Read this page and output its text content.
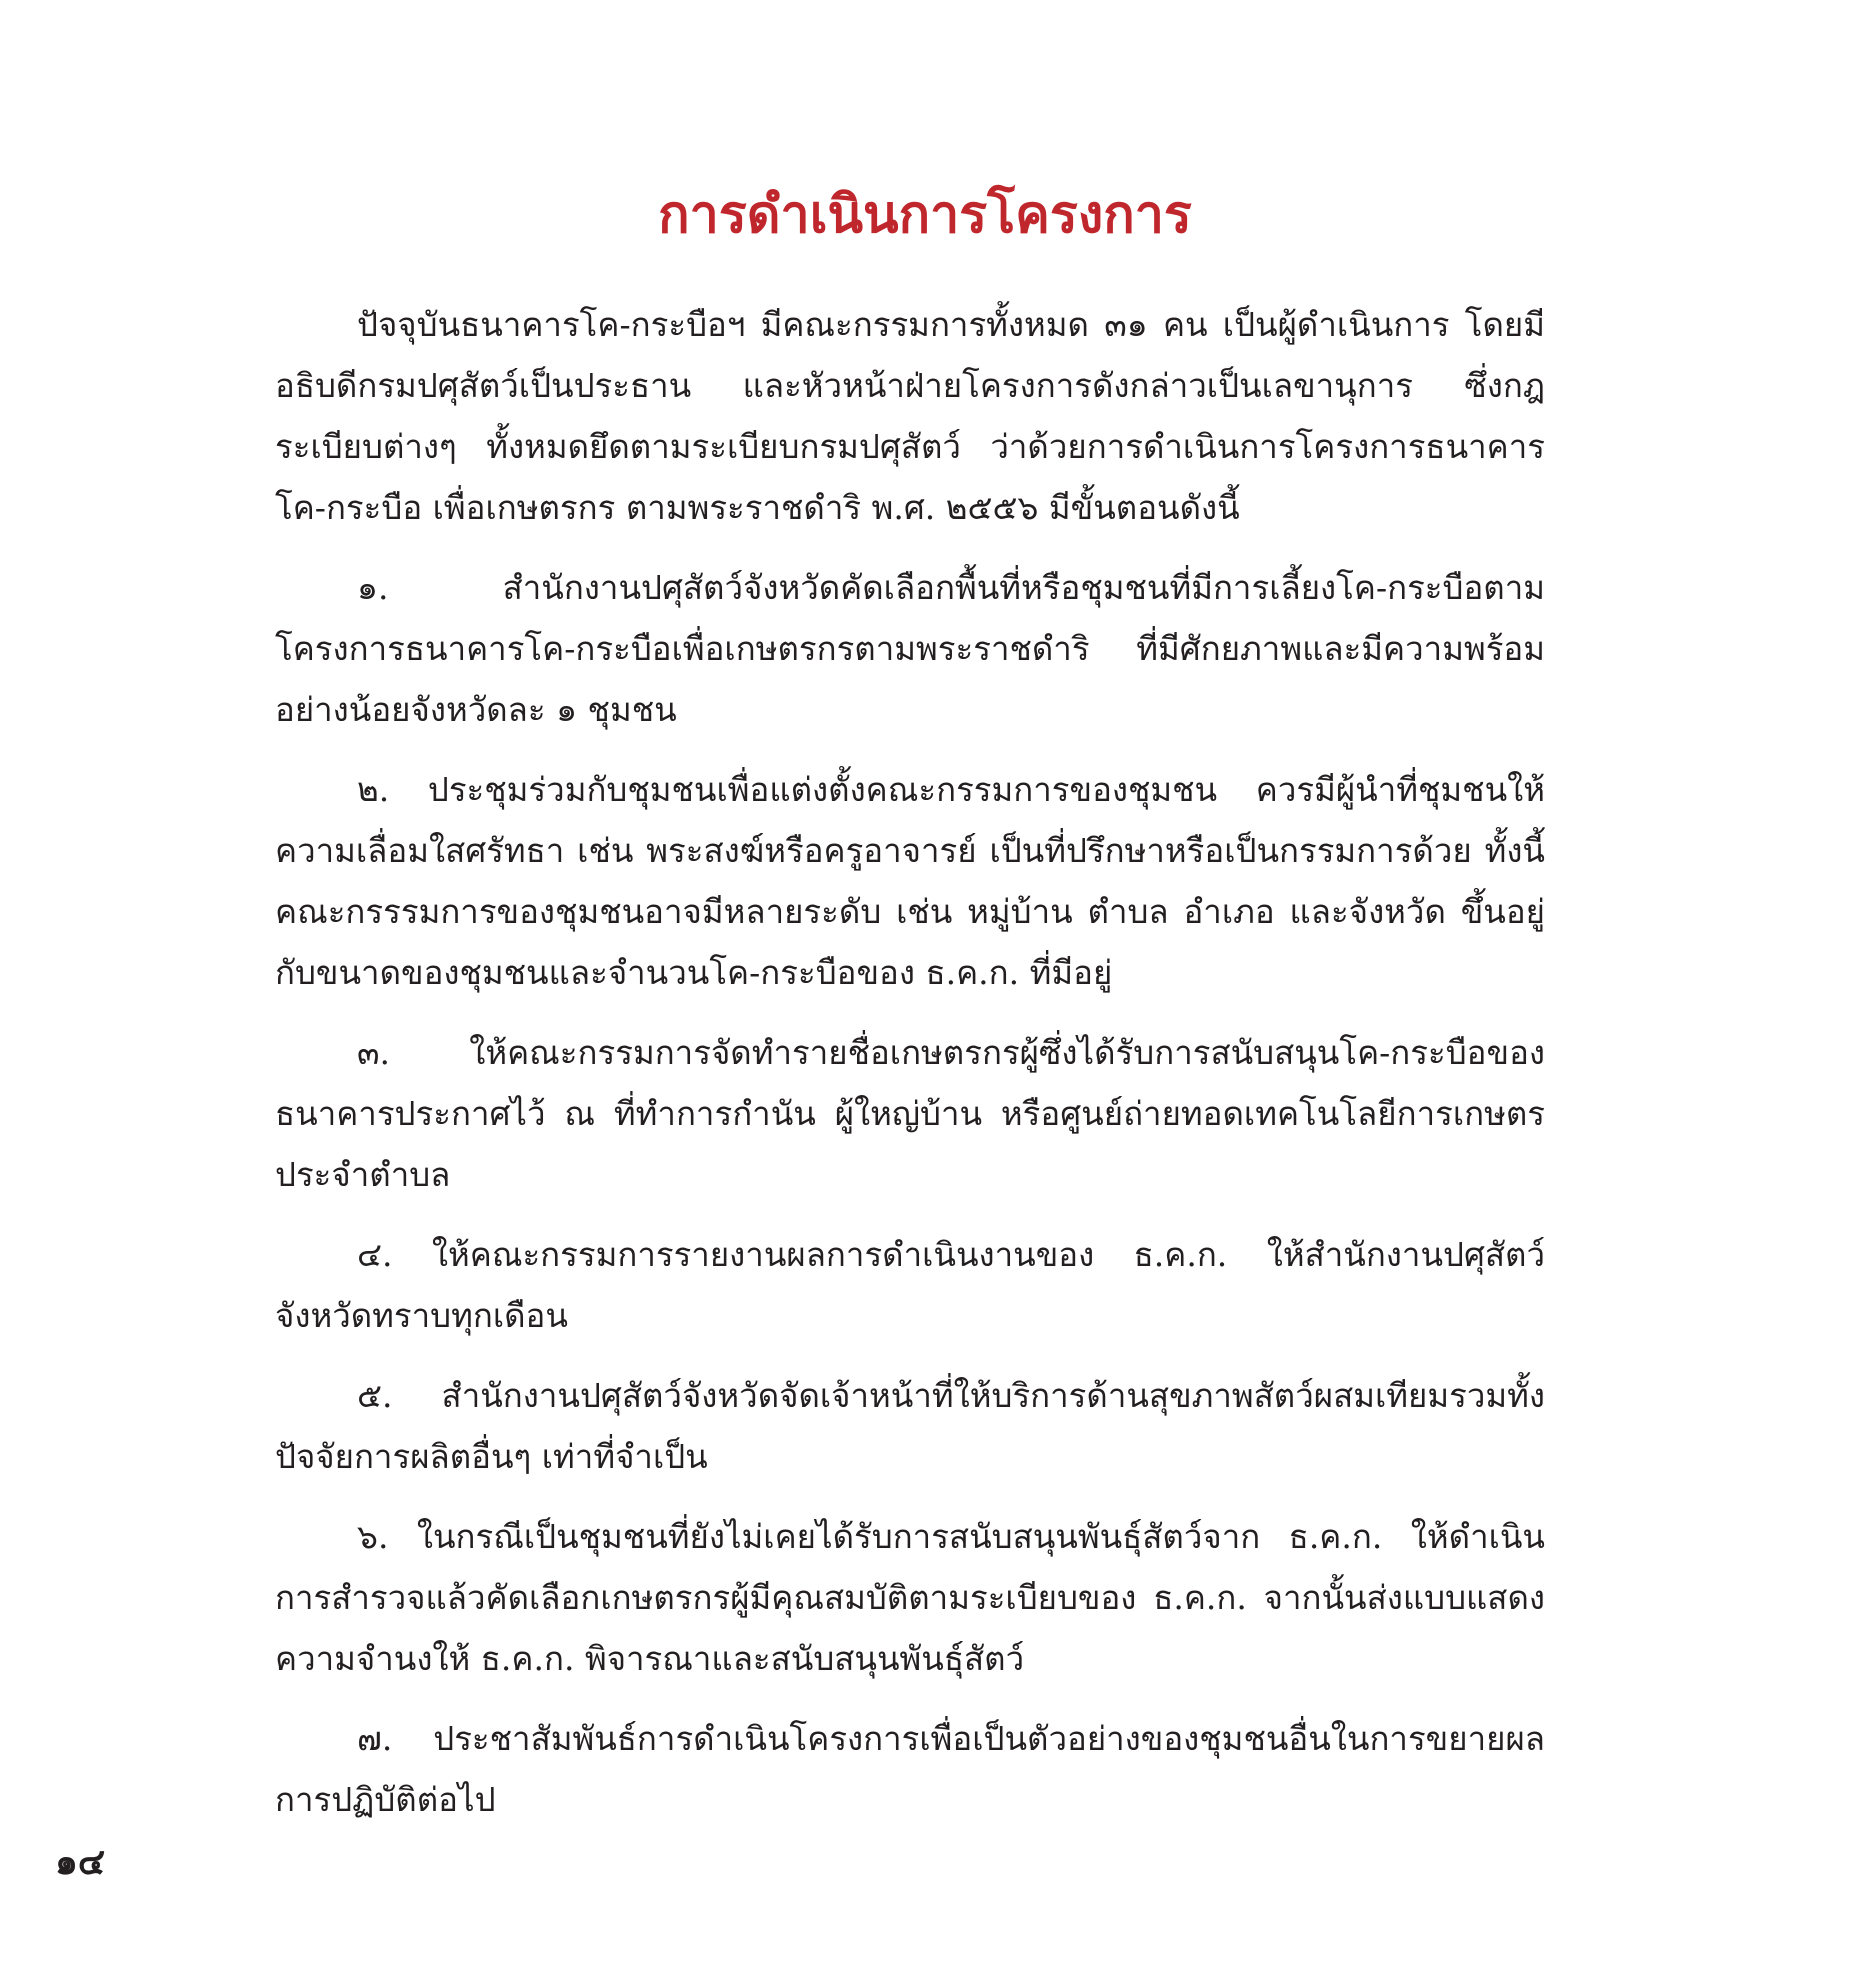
การดำเนินการโครงการ

ปัจจุบันธนาคารโค-กระบือฯ มีคณะกรรมการทั้งหมด ๓๑ คน เป็นผู้ดำเนินการ โดยมีอธิบดีกรมปศุสัตว์เป็นประธาน และหัวหน้าฝ่ายโครงการดังกล่าวเป็นเลขานุการ ซึ่งกฎระเบียบต่างๆ ทั้งหมดยึดตามระเบียบกรมปศุสัตว์ ว่าด้วยการดำเนินการโครงการธนาคารโค-กระบือ เพื่อเกษตรกร ตามพระราชดำริ พ.ศ. ๒๕๕๖ มีขั้นตอนดังนี้

๑. สำนักงานปศุสัตว์จังหวัดคัดเลือกพื้นที่หรือชุมชนที่มีการเลี้ยงโค-กระบือตามโครงการธนาคารโค-กระบือเพื่อเกษตรกรตามพระราชดำริ ที่มีศักยภาพและมีความพร้อม อย่างน้อยจังหวัดละ ๑ ชุมชน

๒. ประชุมร่วมกับชุมชนเพื่อแต่งตั้งคณะกรรมการของชุมชน ควรมีผู้นำที่ชุมชนให้ความเลื่อมใสศรัทธา เช่น พระสงฆ์หรือครูอาจารย์ เป็นที่ปรึกษาหรือเป็นกรรมการด้วย ทั้งนี้คณะกรรรมการของชุมชนอาจมีหลายระดับ เช่น หมู่บ้าน ตำบล อำเภอ และจังหวัด ขึ้นอยู่กับขนาดของชุมชนและจำนวนโค-กระบือของ ธ.ค.ก. ที่มีอยู่

๓. ให้คณะกรรมการจัดทำรายชื่อเกษตรกรผู้ซึ่งได้รับการสนับสนุนโค-กระบือของธนาคารประกาศไว้ ณ ที่ทำการกำนัน ผู้ใหญ่บ้าน หรือศูนย์ถ่ายทอดเทคโนโลยีการเกษตรประจำตำบล

๔. ให้คณะกรรมการรายงานผลการดำเนินงานของ ธ.ค.ก. ให้สำนักงานปศุสัตว์จังหวัดทราบทุกเดือน

๕. สำนักงานปศุสัตว์จังหวัดจัดเจ้าหน้าที่ให้บริการด้านสุขภาพสัตว์ผสมเทียมรวมทั้งปัจจัยการผลิตอื่นๆ เท่าที่จำเป็น

๖. ในกรณีเป็นชุมชนที่ยังไม่เคยได้รับการสนับสนุนพันธุ์สัตว์จาก ธ.ค.ก. ให้ดำเนินการสำรวจแล้วคัดเลือกเกษตรกรผู้มีคุณสมบัติตามระเบียบของ ธ.ค.ก. จากนั้นส่งแบบแสดงความจำนงให้ ธ.ค.ก. พิจารณาและสนับสนุนพันธุ์สัตว์

๗. ประชาสัมพันธ์การดำเนินโครงการเพื่อเป็นตัวอย่างของชุมชนอื่นในการขยายผลการปฏิบัติต่อไป

๑๔
